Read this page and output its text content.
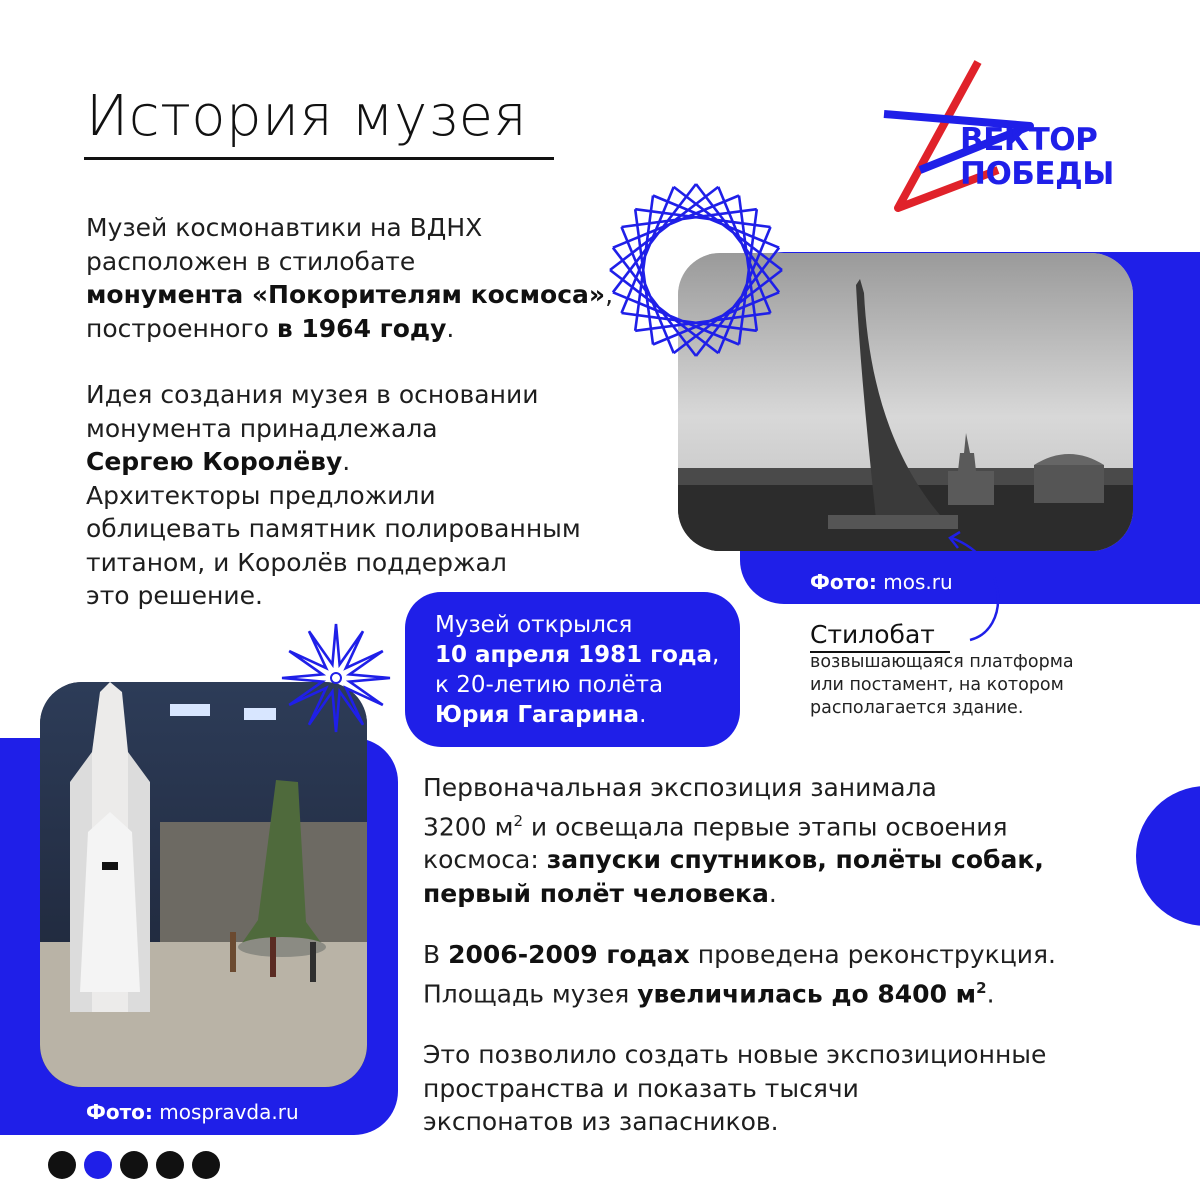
История музея	ВЕКТОР
ПОБЕДЫ

Музей космонавтики на ВДНХ

расположен в стилобате

монумента «Покорителям космоса»,

построенного в 1964 году.

Идея создания музея в основании

монумента принадлежала

Сергею Королёву.

Архитекторы предложили

облицевать памятник полированным

титаном, и Королёв поддержал

это решение.	Фото: mos.ru
Стилобат
возвышающаяся платформа
или постамент, на котором
располагается здание.
Музей открылся
10 апреля 1981 года,
к 20-летию полёта
Юрия Гагарина.
Фото: mospravda.ru

Первоначальная экспозиция занимала

3200 $м^2$ и освещала первые этапы освоения

космоса: запуски спутников, полёты собак,

первый полёт человека.

В 2006-2009 годах проведена реконструкция.

Площадь музея увеличилась до 8400 $м^2$.

Это позволило создать новые экспозиционные

пространства и показать тысячи

экспонатов из запасников.
